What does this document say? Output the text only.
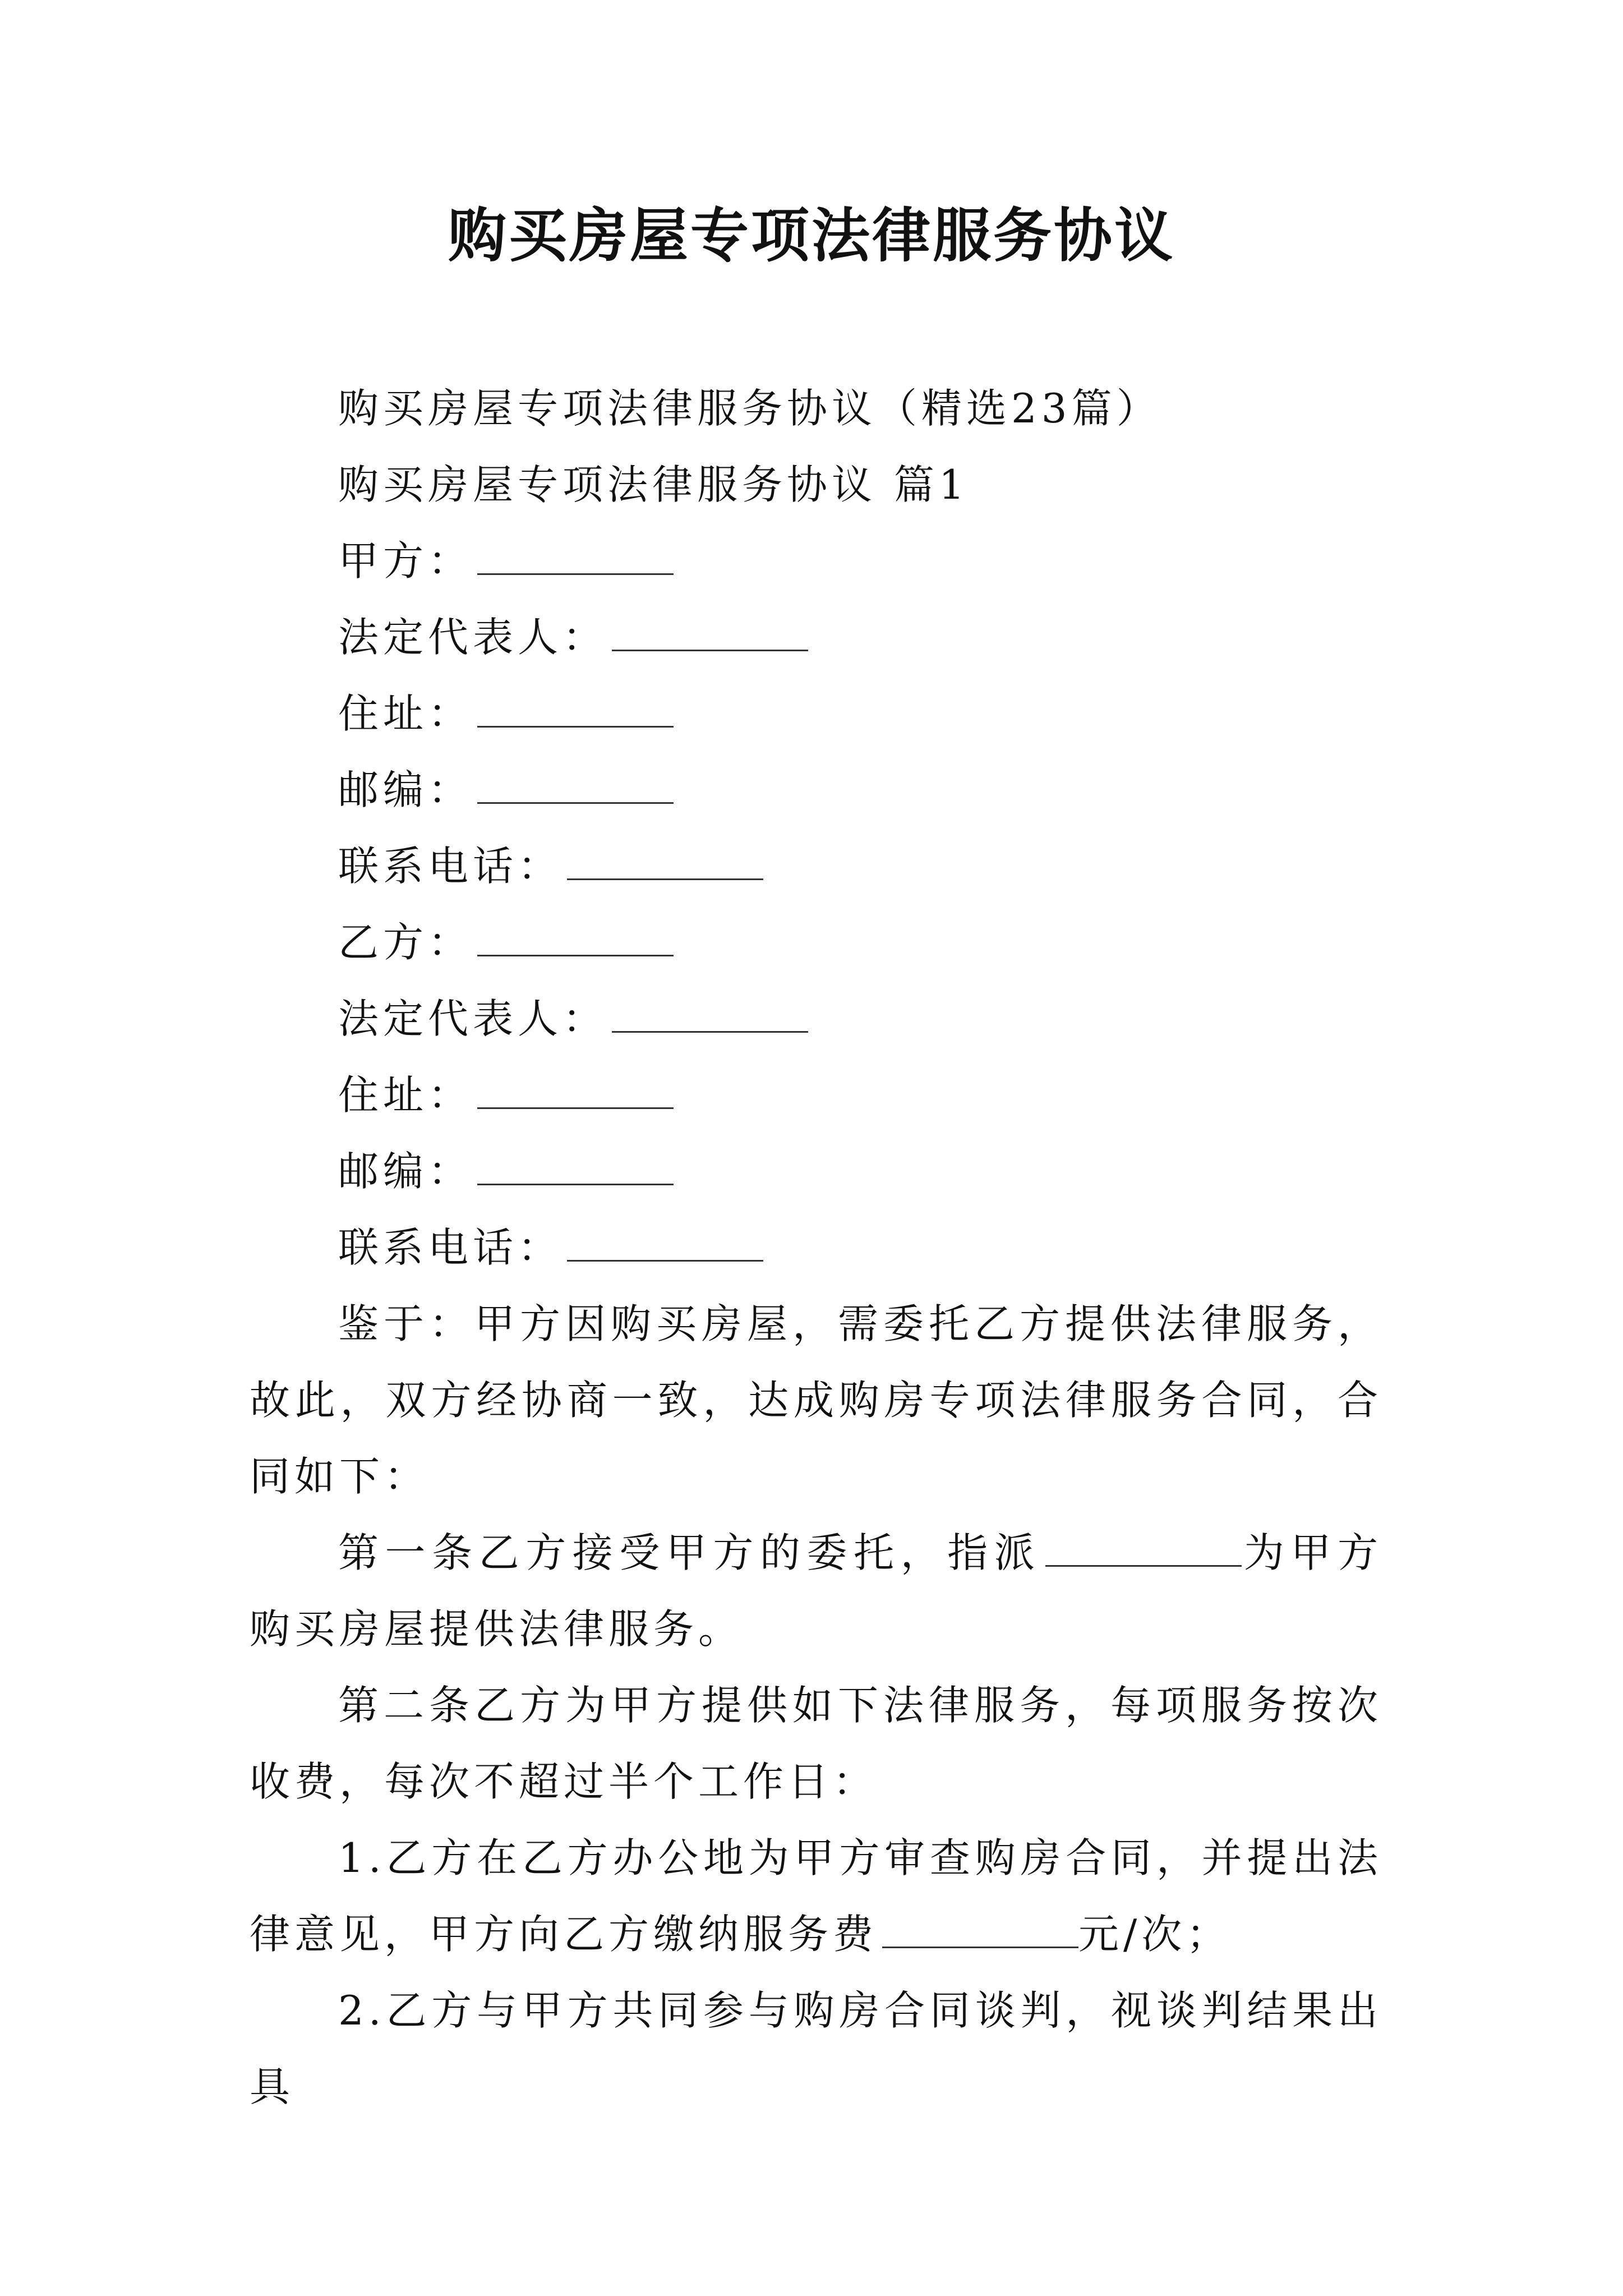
购买房屋专项法律服务协议
购买房屋专项法律服务协议（精选23篇）
购买房屋专项法律服务协议 篇1
甲方：
法定代表人：
住址：
邮编：
联系电话：
乙方：
法定代表人：
住址：
邮编：
联系电话：
鉴于：甲方因购买房屋，需委托乙方提供法律服务，故此，双方经协商一致，达成购房专项法律服务合同，合同如下：
第一条乙方接受甲方的委托，指派	为甲方购买房屋提供法律服务。
第二条乙方为甲方提供如下法律服务，每项服务按次收费，每次不超过半个工作日：
1.乙方在乙方办公地为甲方审查购房合同，并提出法律意见，甲方向乙方缴纳服务费	元/次；
2.乙方与甲方共同参与购房合同谈判，视谈判结果出具
